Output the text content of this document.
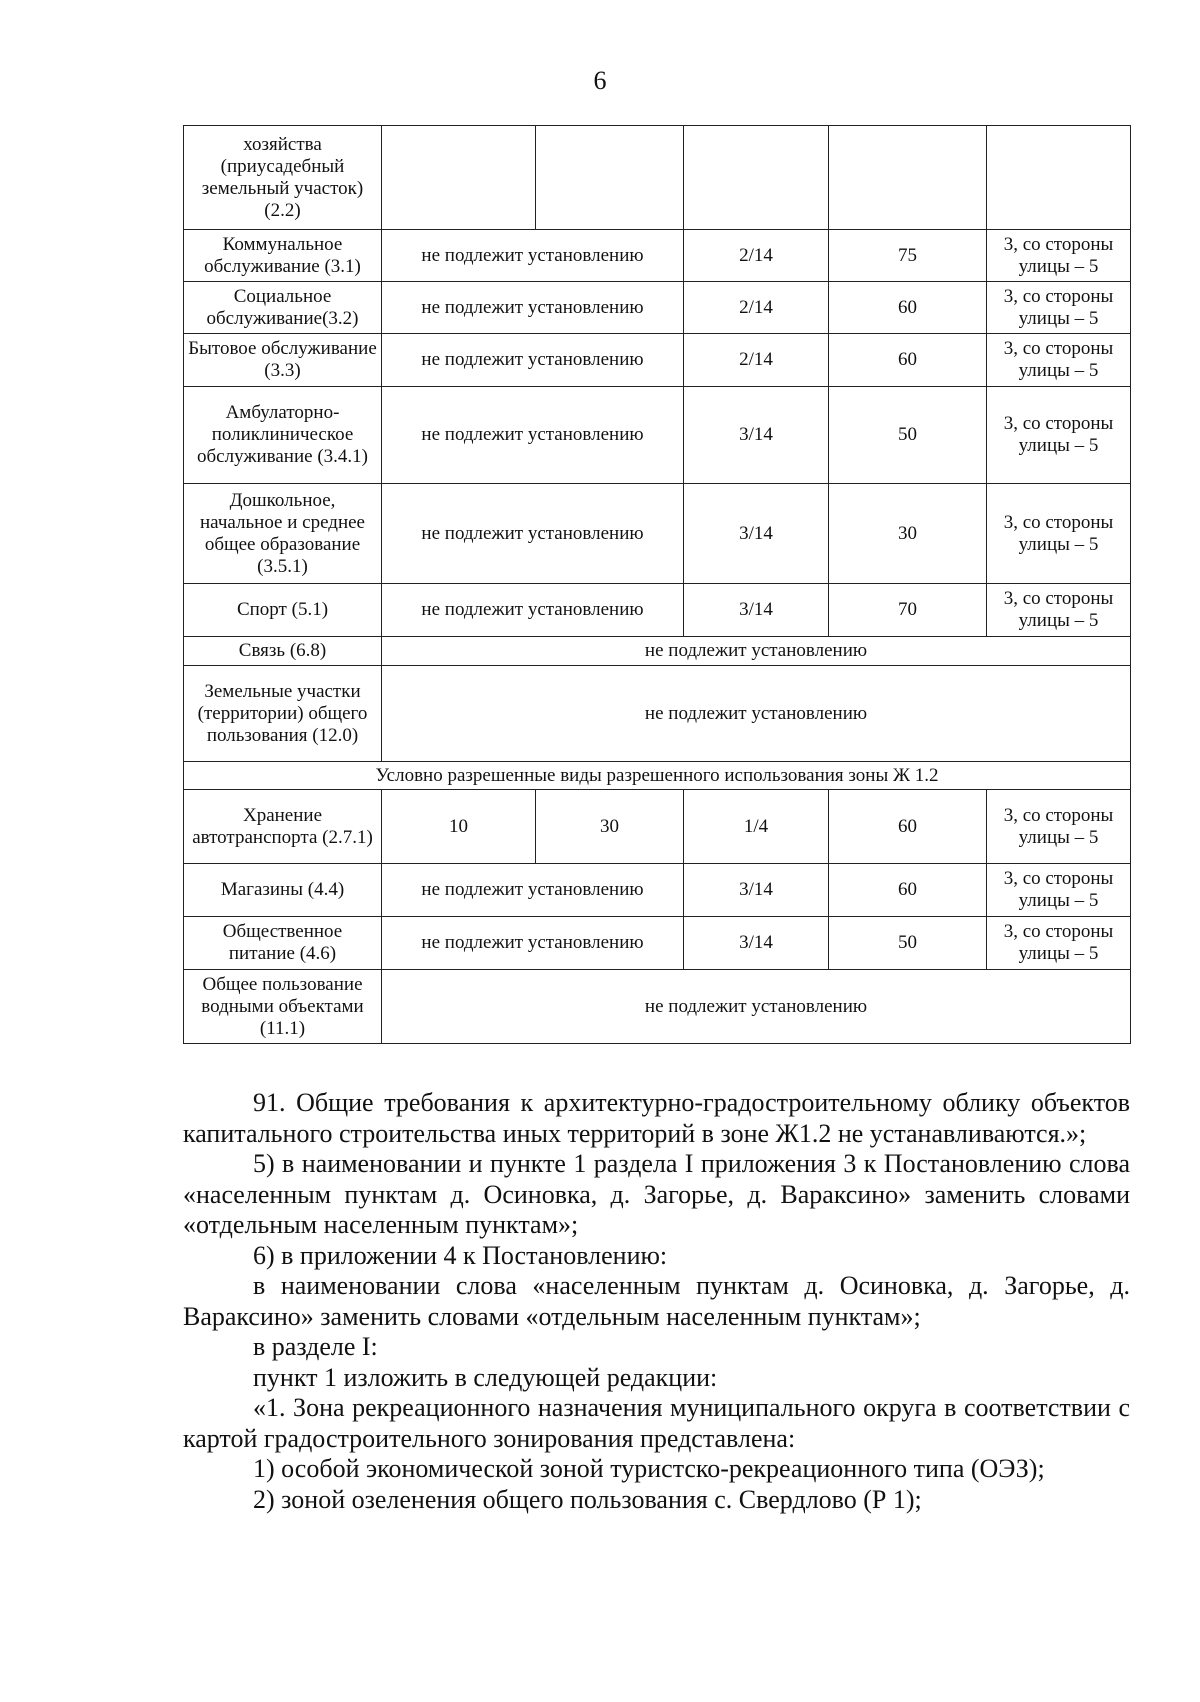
6
хозяйства (приусадебный земельный участок) (2.2)					
Коммунальное обслуживание (3.1)	не подлежит установлению		2/14	75	3, со стороны улицы – 5
Социальное обслуживание(3.2)	не подлежит установлению		2/14	60	3, со стороны улицы – 5
Бытовое обслуживание (3.3)	не подлежит установлению		2/14	60	3, со стороны улицы – 5
Амбулаторно-поликлиническое обслуживание (3.4.1)	не подлежит установлению		3/14	50	3, со стороны улицы – 5
Дошкольное, начальное и среднее общее образование (3.5.1)	не подлежит установлению		3/14	30	3, со стороны улицы – 5
Спорт (5.1)	не подлежит установлению		3/14	70	3, со стороны улицы – 5
Связь (6.8)	не подлежит установлению				
Земельные участки (территории) общего пользования (12.0)	не подлежит установлению				
Условно разрешенные виды разрешенного использования зоны Ж 1.2					
Хранение автотранспорта (2.7.1)	10	30	1/4	60	3, со стороны улицы – 5
Магазины (4.4)	не подлежит установлению		3/14	60	3, со стороны улицы – 5
Общественное питание (4.6)	не подлежит установлению		3/14	50	3, со стороны улицы – 5
Общее пользование водными объектами (11.1)	не подлежит установлению				

91. Общие требования к архитектурно-градостроительному облику объектов капитального строительства иных территорий в зоне Ж1.2 не устанавливаются.»;

5) в наименовании и пункте 1 раздела I приложения 3 к Постановлению слова «населенным пунктам д. Осиновка, д. Загорье, д. Вараксино» заменить словами «отдельным населенным пунктам»;

6) в приложении 4 к Постановлению:

в наименовании слова «населенным пунктам д. Осиновка, д. Загорье, д. Вараксино» заменить словами «отдельным населенным пунктам»;

в разделе I:

пункт 1 изложить в следующей редакции:

«1. Зона рекреационного назначения муниципального округа в соответствии с картой градостроительного зонирования представлена:

1) особой экономической зоной туристско-рекреационного типа (ОЭЗ);

2) зоной озеленения общего пользования с. Свердлово (Р 1);
